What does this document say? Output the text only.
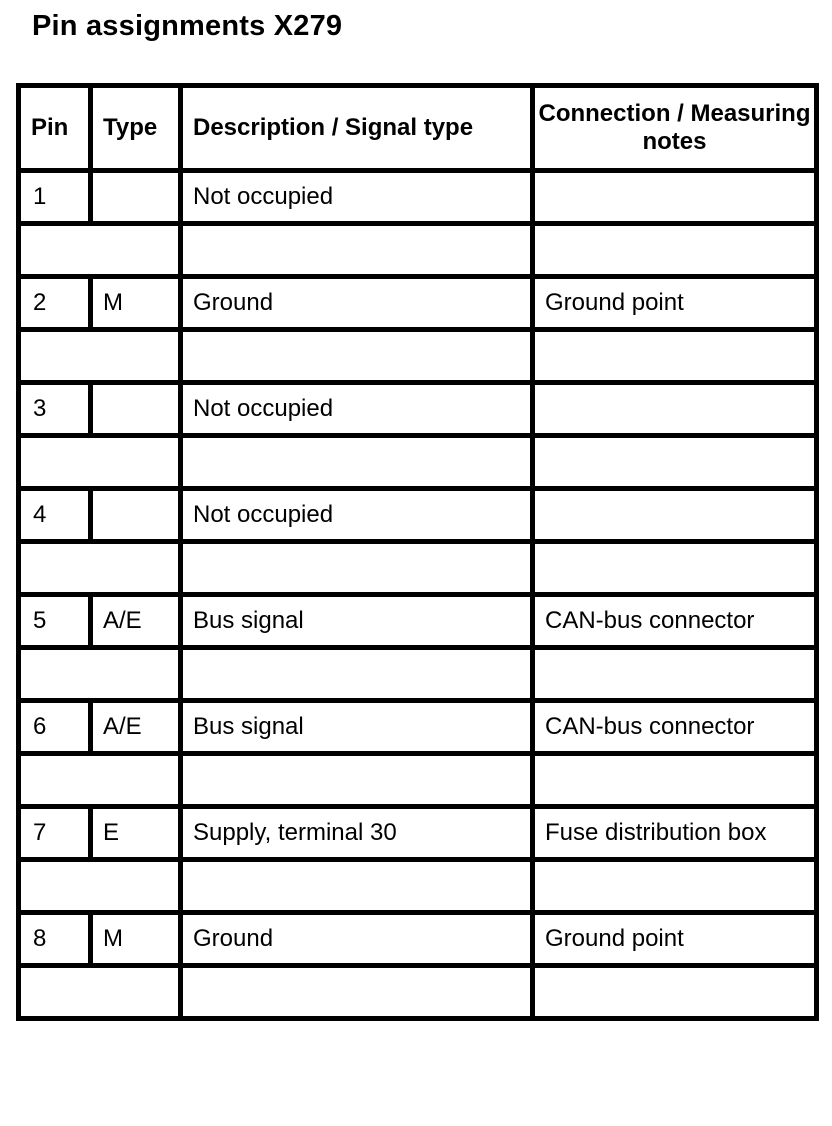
Pin assignments X279
Pin	Type	Description / Signal type	Connection / Measuring notes
1		Not occupied	

2	M	Ground	Ground point

3		Not occupied	

4		Not occupied	

5	A/E	Bus signal	CAN-bus connector

6	A/E	Bus signal	CAN-bus connector

7	E	Supply, terminal 30	Fuse distribution box

8	M	Ground	Ground point
